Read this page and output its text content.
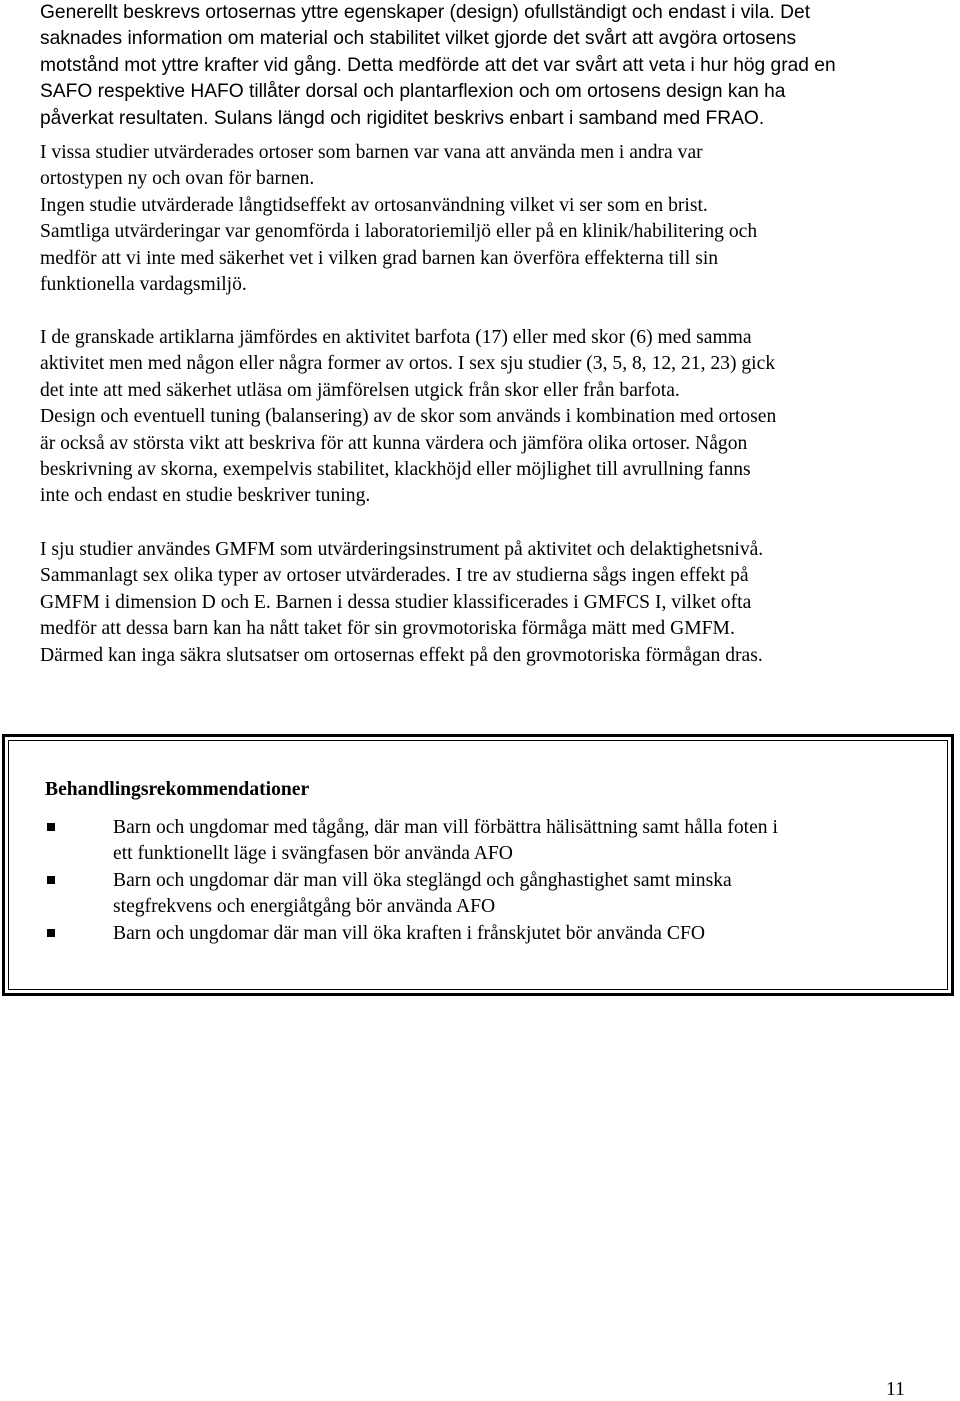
Generellt beskrevs ortosernas yttre egenskaper (design) ofullständigt och endast i vila. Det
saknades information om material och stabilitet vilket gjorde det svårt att avgöra ortosens
motstånd mot yttre krafter vid gång. Detta medförde att det var svårt att veta i hur hög grad en
SAFO respektive HAFO tillåter dorsal och plantarflexion och om ortosens design kan ha
påverkat resultaten. Sulans längd och rigiditet beskrivs enbart i samband med FRAO.

I vissa studier utvärderades ortoser som barnen var vana att använda men i andra var
ortostypen ny och ovan för barnen.
Ingen studie utvärderade långtidseffekt av ortosanvändning vilket vi ser som en brist.
Samtliga utvärderingar var genomförda i laboratoriemiljö eller på en klinik/habilitering och
medför att vi inte med säkerhet vet i vilken grad barnen kan överföra effekterna till sin
funktionella vardagsmiljö.

I de granskade artiklarna jämfördes en aktivitet barfota (17) eller med skor (6) med samma
aktivitet men med någon eller några former av ortos. I sex sju studier (3, 5, 8, 12, 21, 23) gick
det inte att med säkerhet utläsa om jämförelsen utgick från skor eller från barfota.
Design och eventuell tuning (balansering) av de skor som används i kombination med ortosen
är också av största vikt att beskriva för att kunna värdera och jämföra olika ortoser. Någon
beskrivning av skorna, exempelvis stabilitet, klackhöjd eller möjlighet till avrullning fanns
inte och endast en studie beskriver tuning.

I sju studier användes GMFM som utvärderingsinstrument på aktivitet och delaktighetsnivå.
Sammanlagt sex olika typer av ortoser utvärderades. I tre av studierna sågs ingen effekt på
GMFM i dimension D och E. Barnen i dessa studier klassificerades i GMFCS I, vilket ofta
medför att dessa barn kan ha nått taket för sin grovmotoriska förmåga mätt med GMFM.
Därmed kan inga säkra slutsatser om ortosernas effekt på den grovmotoriska förmågan dras.

Behandlingsrekommendationer
Barn och ungdomar med tågång, där man vill förbättra hälisättning samt hålla foten i
ett funktionellt läge i svängfasen bör använda AFO
Barn och ungdomar där man vill öka steglängd och gånghastighet samt minska
stegfrekvens och energiåtgång bör använda AFO
Barn och ungdomar där man vill öka kraften i frånskjutet bör använda CFO
11
